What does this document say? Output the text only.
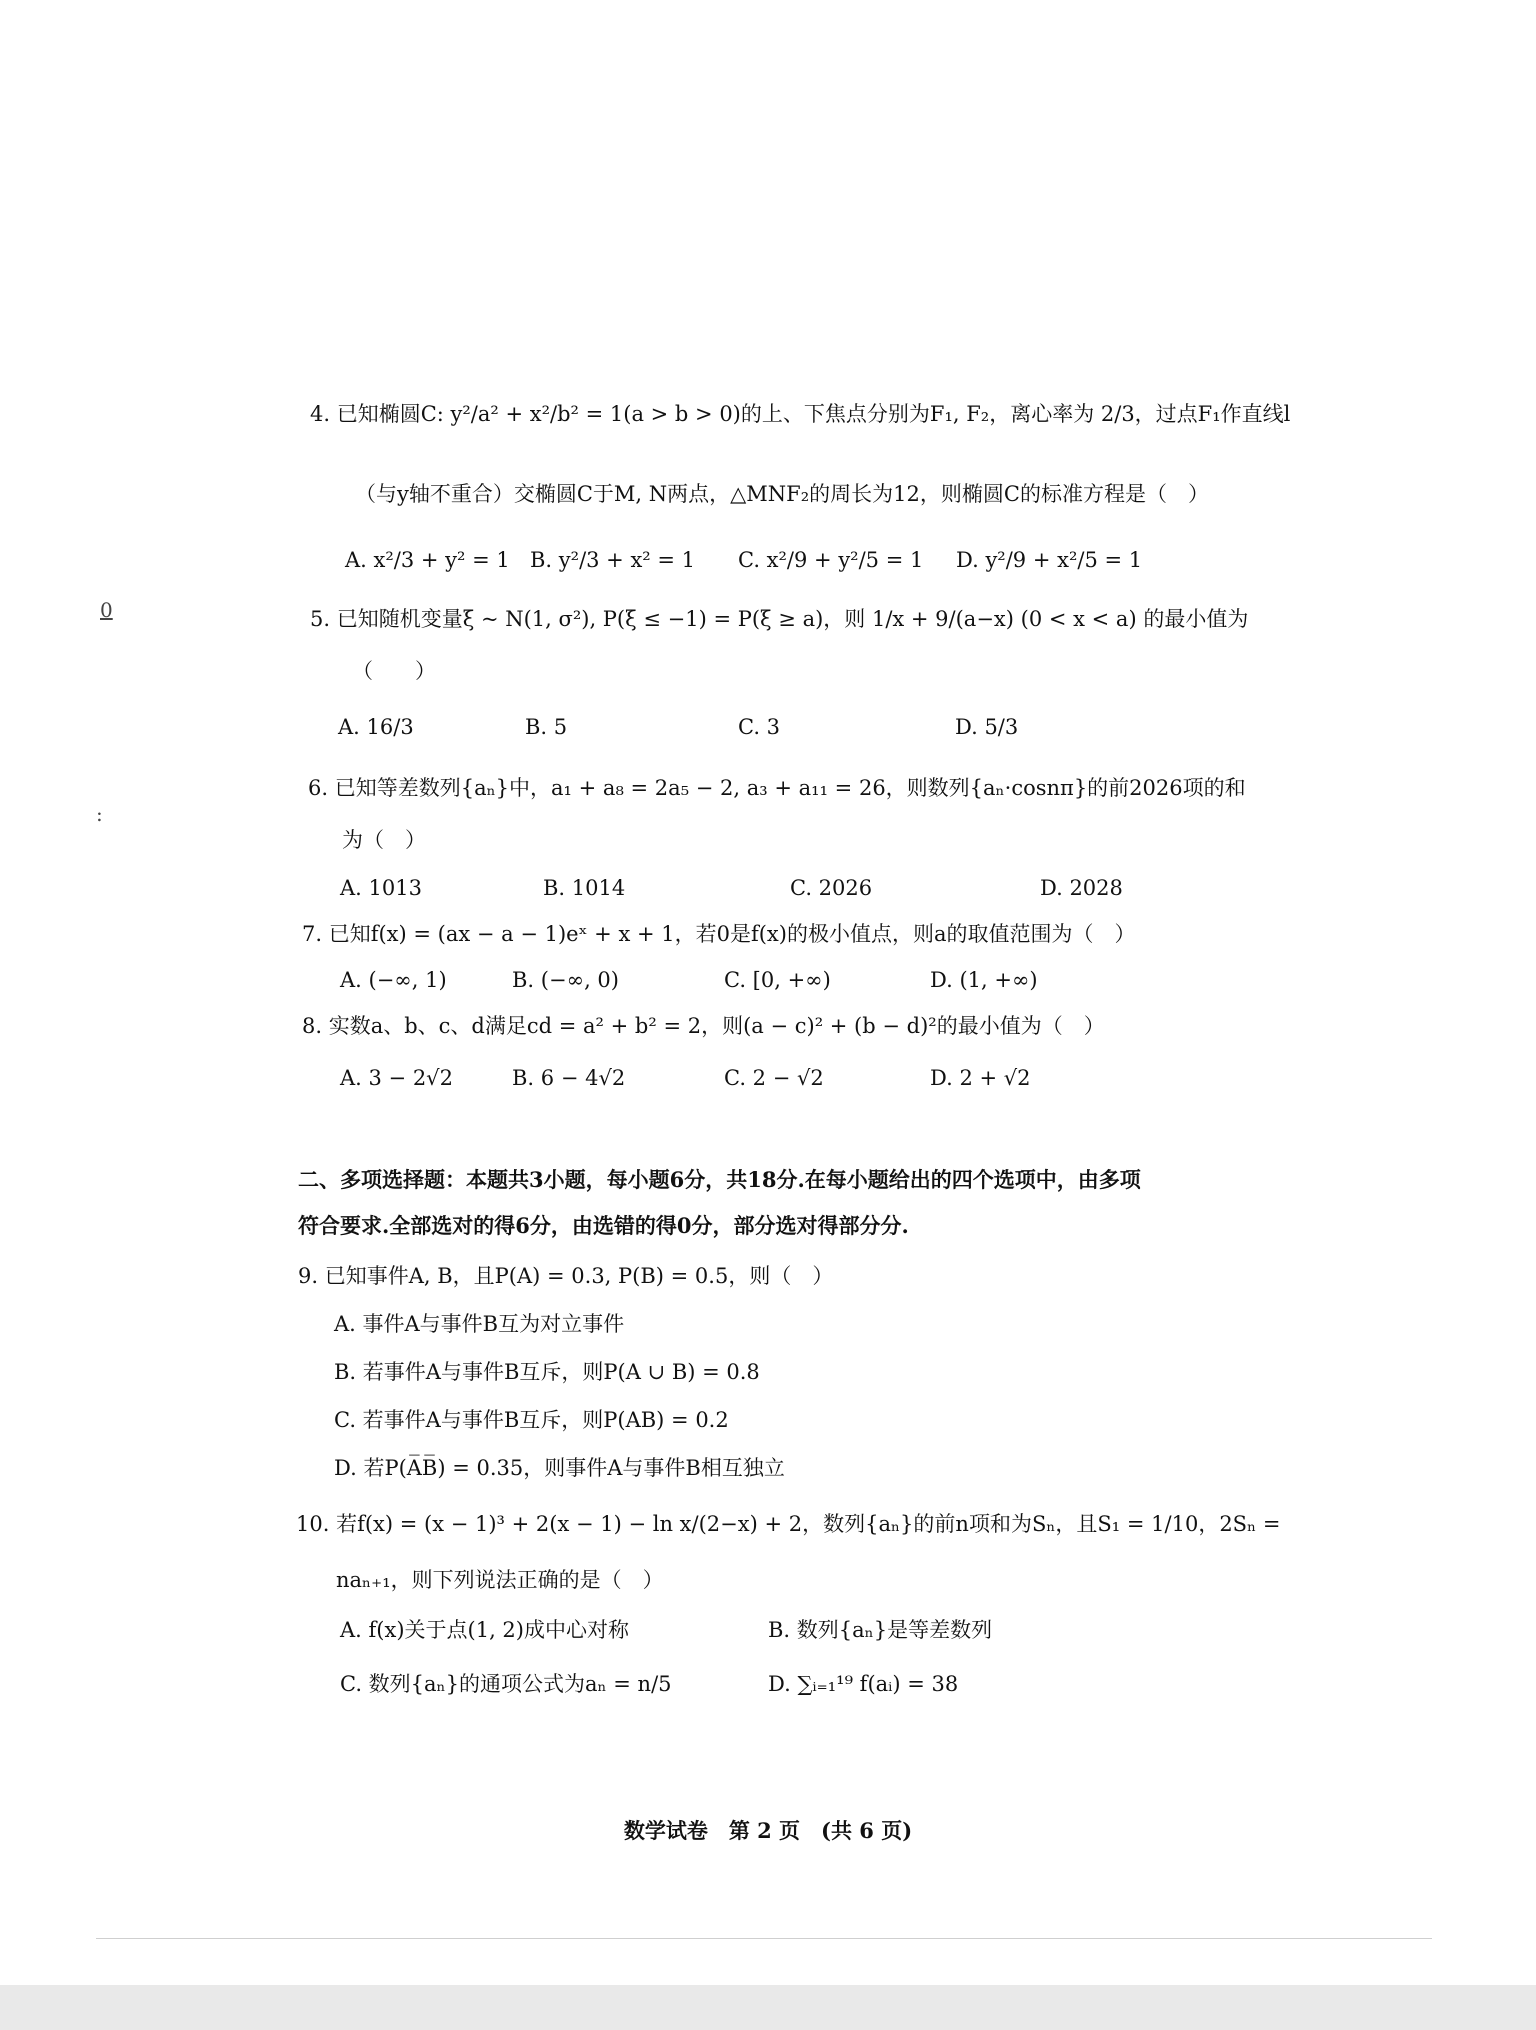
0
:
4. 已知椭圆C: y²/a² + x²/b² = 1(a > b > 0)的上、下焦点分别为F₁, F₂，离心率为 2/3，过点F₁作直线l
（与y轴不重合）交椭圆C于M, N两点，△MNF₂的周长为12，则椭圆C的标准方程是（　）
A. x²/3 + y² = 1 B. y²/3 + x² = 1 C. x²/9 + y²/5 = 1 D. y²/9 + x²/5 = 1
5. 已知随机变量ξ ~ N(1, σ²), P(ξ ≤ −1) = P(ξ ≥ a)，则 1/x + 9/(a−x) (0 < x < a) 的最小值为
（　　）
A. 16/3	B. 5	C. 3	D. 5/3
6. 已知等差数列{aₙ}中，a₁ + a₈ = 2a₅ − 2, a₃ + a₁₁ = 26，则数列{aₙ·cosnπ}的前2026项的和
为（　）
A. 1013	B. 1014	C. 2026	D. 2028
7. 已知f(x) = (ax − a − 1)eˣ + x + 1，若0是f(x)的极小值点，则a的取值范围为（　）
A. (−∞, 1)	B. (−∞, 0)	C. [0, +∞)	D. (1, +∞)
8. 实数a、b、c、d满足cd = a² + b² = 2，则(a − c)² + (b − d)²的最小值为（　）
A. 3 − 2√2	B. 6 − 4√2	C. 2 − √2	D. 2 + √2
二、多项选择题：本题共3小题，每小题6分，共18分.在每小题给出的四个选项中，由多项
符合要求.全部选对的得6分，由选错的得0分，部分选对得部分分.
9. 已知事件A, B，且P(A) = 0.3, P(B) = 0.5，则（　）
A. 事件A与事件B互为对立事件
B. 若事件A与事件B互斥，则P(A ∪ B) = 0.8
C. 若事件A与事件B互斥，则P(AB) = 0.2
D. 若P(A̅B̅) = 0.35，则事件A与事件B相互独立
10. 若f(x) = (x − 1)³ + 2(x − 1) − ln x/(2−x) + 2，数列{aₙ}的前n项和为Sₙ，且S₁ = 1/10，2Sₙ =
naₙ₊₁，则下列说法正确的是（　）
A. f(x)关于点(1, 2)成中心对称	B. 数列{aₙ}是等差数列
C. 数列{aₙ}的通项公式为aₙ = n/5	D. ∑ᵢ₌₁¹⁹ f(aᵢ) = 38
数学试卷　第 2 页　(共 6 页)
